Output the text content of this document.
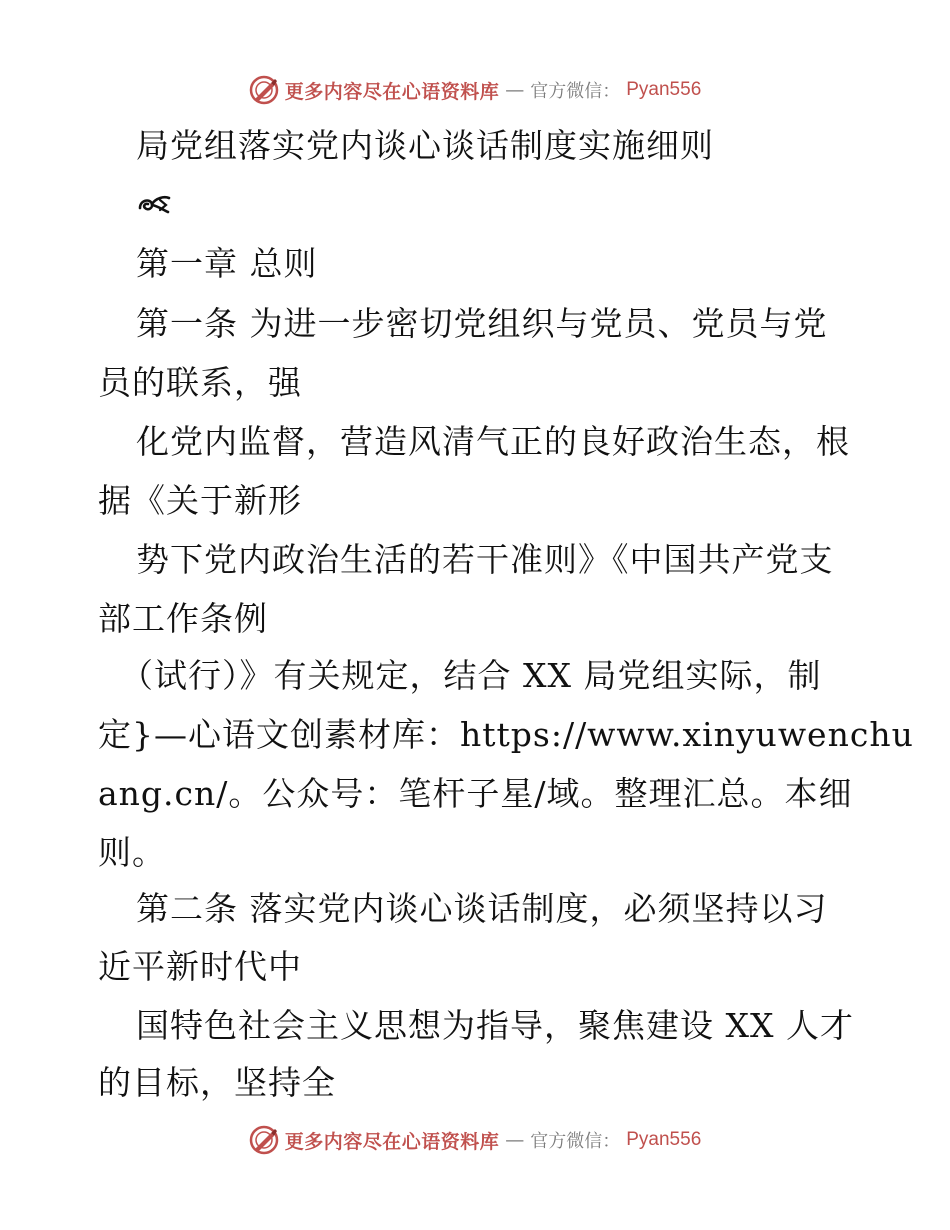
更多内容尽在心语资料库 — 官方微信： Pyan556
局党组落实党内谈心谈话制度实施细则
第一章 总则
第一条 为进一步密切党组织与党员、党员与党
员的联系，强
化党内监督，营造风清气正的良好政治生态，根
据《关于新形
势下党内政治生活的若干准则》《中国共产党支
部工作条例
（试行）》有关规定，结合 XX 局党组实际，制
定}—心语文创素材库：https://www.xinyuwenchu
ang.cn/。公众号：笔杆子星/域。整理汇总。本细
则。
第二条 落实党内谈心谈话制度，必须坚持以习
近平新时代中
国特色社会主义思想为指导，聚焦建设 XX 人才
的目标，坚持全
更多内容尽在心语资料库 — 官方微信： Pyan556
